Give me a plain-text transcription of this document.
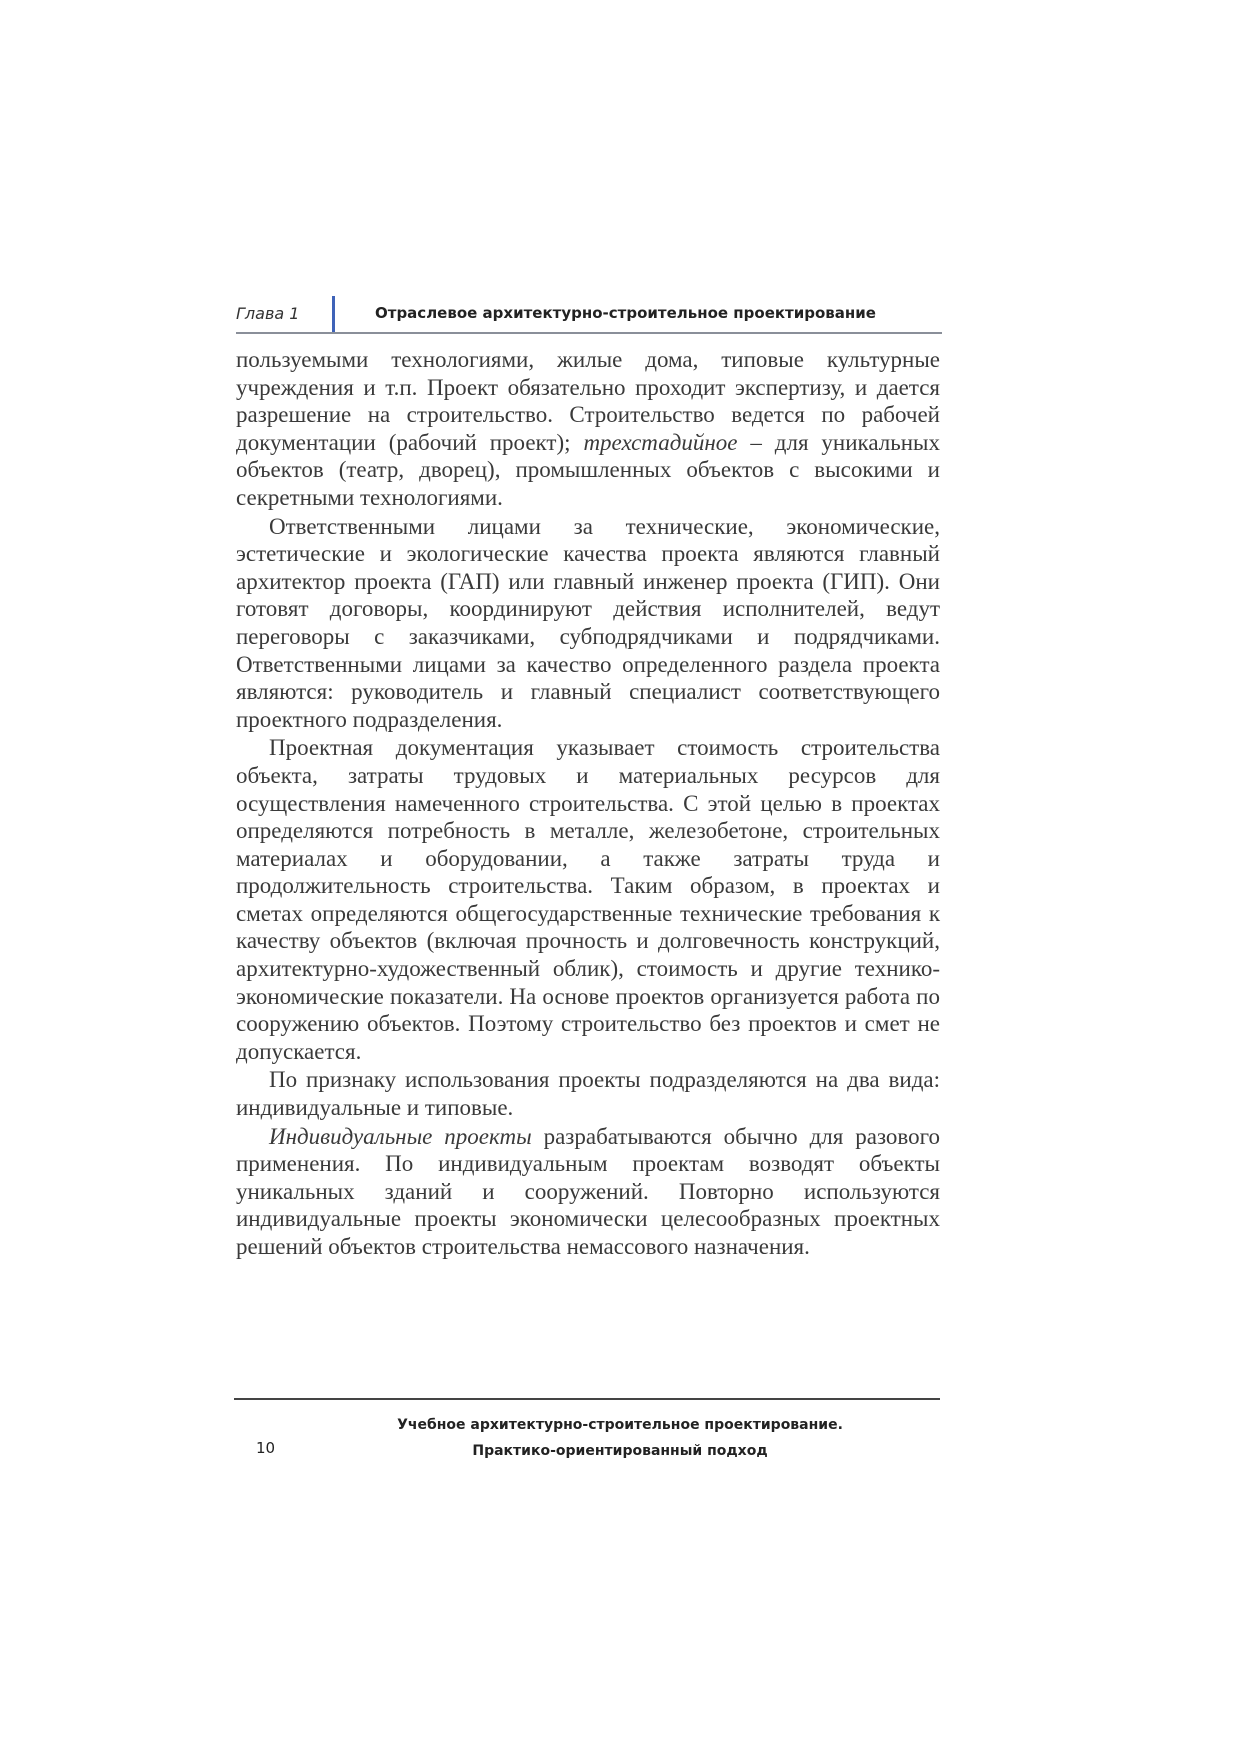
Глава 1	Отраслевое архитектурно-строительное проектирование

пользуемыми технологиями, жилые дома, типовые культурные учреждения и т.п. Проект обязательно проходит экспертизу, и дается разрешение на строительство. Строительство ведется по рабочей документации (рабочий проект); трехстадийное – для уникальных объектов (театр, дворец), промышленных объектов с высокими и секретными технологиями.

Ответственными лицами за технические, экономические, эстетические и экологические качества проекта являются главный архитектор проекта (ГАП) или главный инженер проекта (ГИП). Они готовят договоры, координируют действия исполнителей, ведут переговоры с заказчиками, субподрядчиками и подрядчиками. Ответственными лицами за качество определенного раздела проекта являются: руководитель и главный специалист соответствующего проектного подразделения.

Проектная документация указывает стоимость строительства объекта, затраты трудовых и материальных ресурсов для осуществления намеченного строительства. С этой целью в проектах определяются потребность в металле, железобетоне, строительных материалах и оборудовании, а также затраты труда и продолжительность строительства. Таким образом, в проектах и сметах определяются общегосударственные технические требования к качеству объектов (включая прочность и долговечность конструкций, архитектурно-художественный облик), стоимость и другие технико-экономические показатели. На основе проектов организуется работа по сооружению объектов. Поэтому строительство без проектов и смет не допускается.

По признаку использования проекты подразделяются на два вида: индивидуальные и типовые.

Индивидуальные проекты разрабатываются обычно для разового применения. По индивидуальным проектам возводят объекты уникальных зданий и сооружений. Повторно используются индивидуальные проекты экономически целесообразных проектных решений объектов строительства немассового назначения.

Учебное архитектурно-строительное проектирование.
Практико-ориентированный подход
10
